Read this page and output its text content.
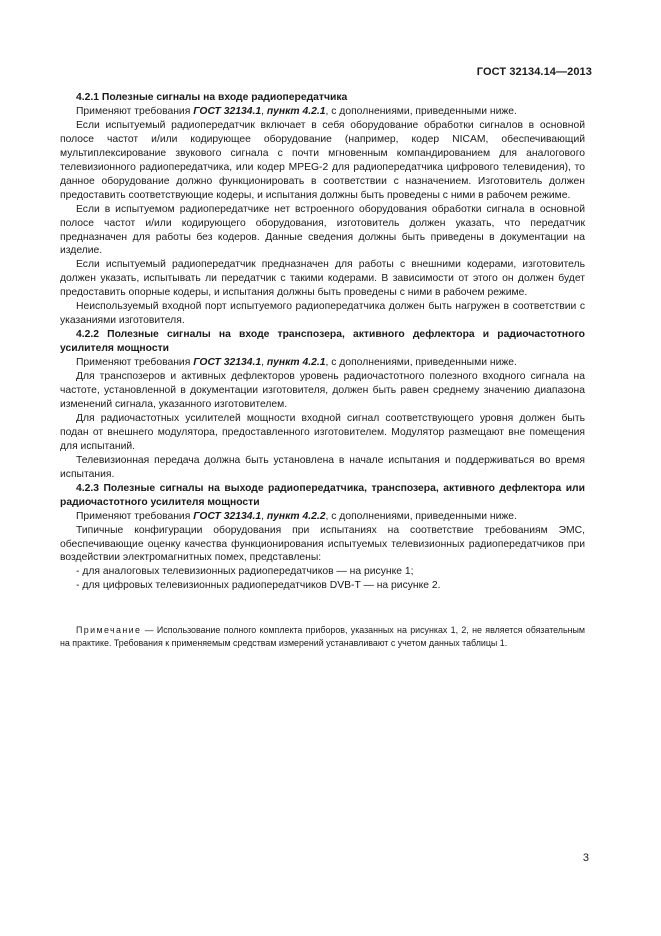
ГОСТ 32134.14—2013

4.2.1 Полезные сигналы на входе радиопередатчика

Применяют требования ГОСТ 32134.1, пункт 4.2.1, с дополнениями, приведенными ниже.

Если испытуемый радиопередатчик включает в себя оборудование обработки сигналов в основной полосе частот и/или кодирующее оборудование (например, кодер NICAM, обеспечивающий мультиплексирование звукового сигнала с почти мгновенным компандированием для аналогового телевизионного радиопередатчика, или кодер MPEG-2 для радиопередатчика цифрового телевидения), то данное оборудование должно функционировать в соответствии с назначением. Изготовитель должен предоставить соответствующие кодеры, и испытания должны быть проведены с ними в рабочем режиме.

Если в испытуемом радиопередатчике нет встроенного оборудования обработки сигнала в основной полосе частот и/или кодирующего оборудования, изготовитель должен указать, что передатчик предназначен для работы без кодеров. Данные сведения должны быть приведены в документации на изделие.

Если испытуемый радиопередатчик предназначен для работы с внешними кодерами, изготовитель должен указать, испытывать ли передатчик с такими кодерами. В зависимости от этого он должен будет предоставить опорные кодеры, и испытания должны быть проведены с ними в рабочем режиме.

Неиспользуемый входной порт испытуемого радиопередатчика должен быть нагружен в соответствии с указаниями изготовителя.

4.2.2 Полезные сигналы на входе транспозера, активного дефлектора и радиочастотного усилителя мощности

Применяют требования ГОСТ 32134.1, пункт 4.2.1, с дополнениями, приведенными ниже.

Для транспозеров и активных дефлекторов уровень радиочастотного полезного входного сигнала на частоте, установленной в документации изготовителя, должен быть равен среднему значению диапазона изменений сигнала, указанного изготовителем.

Для радиочастотных усилителей мощности входной сигнал соответствующего уровня должен быть подан от внешнего модулятора, предоставленного изготовителем. Модулятор размещают вне помещения для испытаний.

Телевизионная передача должна быть установлена в начале испытания и поддерживаться во время испытания.

4.2.3 Полезные сигналы на выходе радиопередатчика, транспозера, активного дефлектора или радиочастотного усилителя мощности

Применяют требования ГОСТ 32134.1, пункт 4.2.2, с дополнениями, приведенными ниже.

Типичные конфигурации оборудования при испытаниях на соответствие требованиям ЭМС, обеспечивающие оценку качества функционирования испытуемых телевизионных радиопередатчиков при воздействии электромагнитных помех, представлены:

- для аналоговых телевизионных радиопередатчиков — на рисунке 1;

- для цифровых телевизионных радиопередатчиков DVB-T — на рисунке 2.

Примечание — Использование полного комплекта приборов, указанных на рисунках 1, 2, не является обязательным на практике. Требования к применяемым средствам измерений устанавливают с учетом данных таблицы 1.

3
